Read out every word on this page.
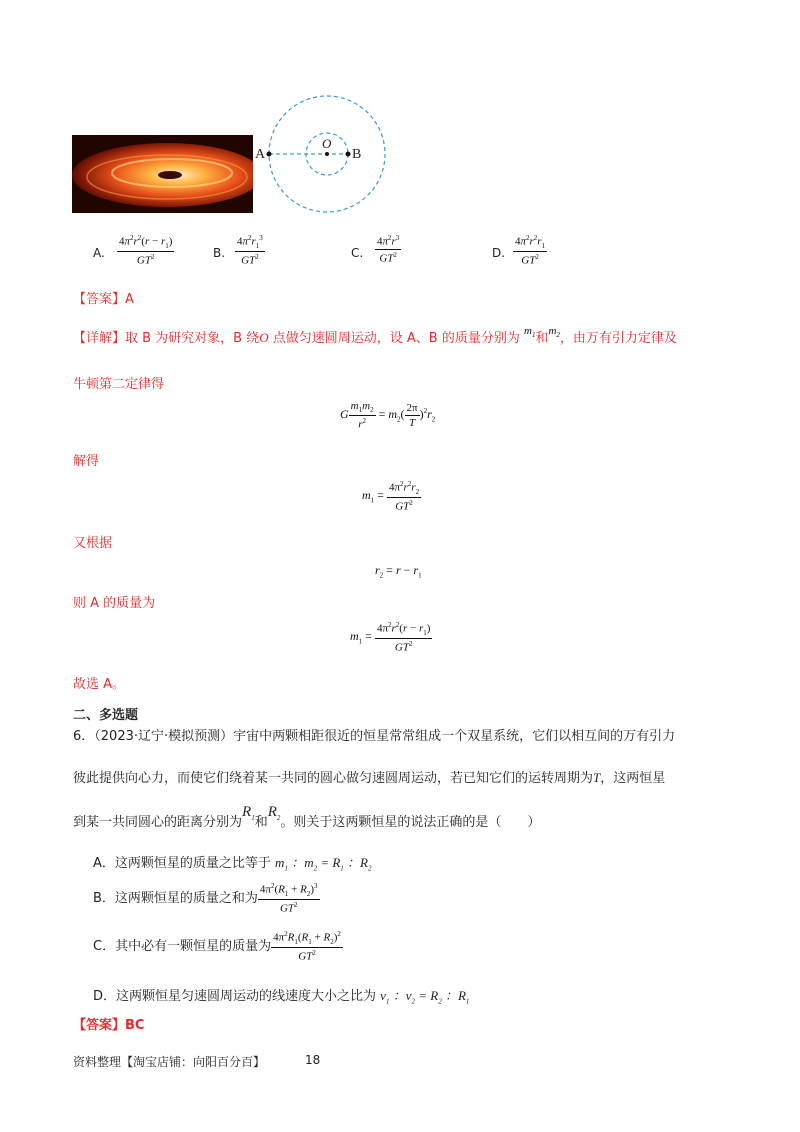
A
O
B
A. $\frac{4\pi^2r^2(r - r_1)}{GT^2}$	B. $\frac{4\pi^2r_1^3}{GT^2}$	C. $\frac{4\pi^2r^3}{GT^2}$	D. $\frac{4\pi^2r^2r_1}{GT^2}$
【答案】A
【详解】取 B 为研究对象，B 绕O 点做匀速圆周运动，设 A、B 的质量分别为 $^{m_1}$和$^{m_2}$，由万有引力定律及
牛顿第二定律得
G $\frac{m_1m_2}{r^2} = m_2( \frac{2\pi}{T} )^2r_2$
解得
$m_1 = \frac{4\pi^2r^2r_2}{GT^2}$
又根据
$r_2 = r - r_1$
则 A 的质量为
$m_1 = \frac{4\pi^2r^2(r - r_1)}{GT^2}$
故选 A。
二、多选题
6．（2023·辽宁·模拟预测）宇宙中两颗相距很近的恒星常常组成一个双星系统，它们以相互间的万有引力
彼此提供向心力，而使它们绕着某一共同的圆心做匀速圆周运动，若已知它们的运转周期为T，这两恒星
到某一共同圆心的距离分别为$R_1$和$R_2$。则关于这两颗恒星的说法正确的是（　　）
A．这两颗恒星的质量之比等于 $m_1$ ：$m_2 = R_1$ ：$R_2$
B．这两颗恒星的质量之和为 $\frac{4\pi^2(R_1 + R_2)^3}{GT^2}$
C．其中必有一颗恒星的质量为 $\frac{4\pi^2R_1(R_1 + R_2)^2}{GT^2}$
D．这两颗恒星匀速圆周运动的线速度大小之比为 $v_1$ ：$v_2 = R_2$ ：$R_1$
【答案】BC
资料整理【淘宝店铺：向阳百分百】	18
